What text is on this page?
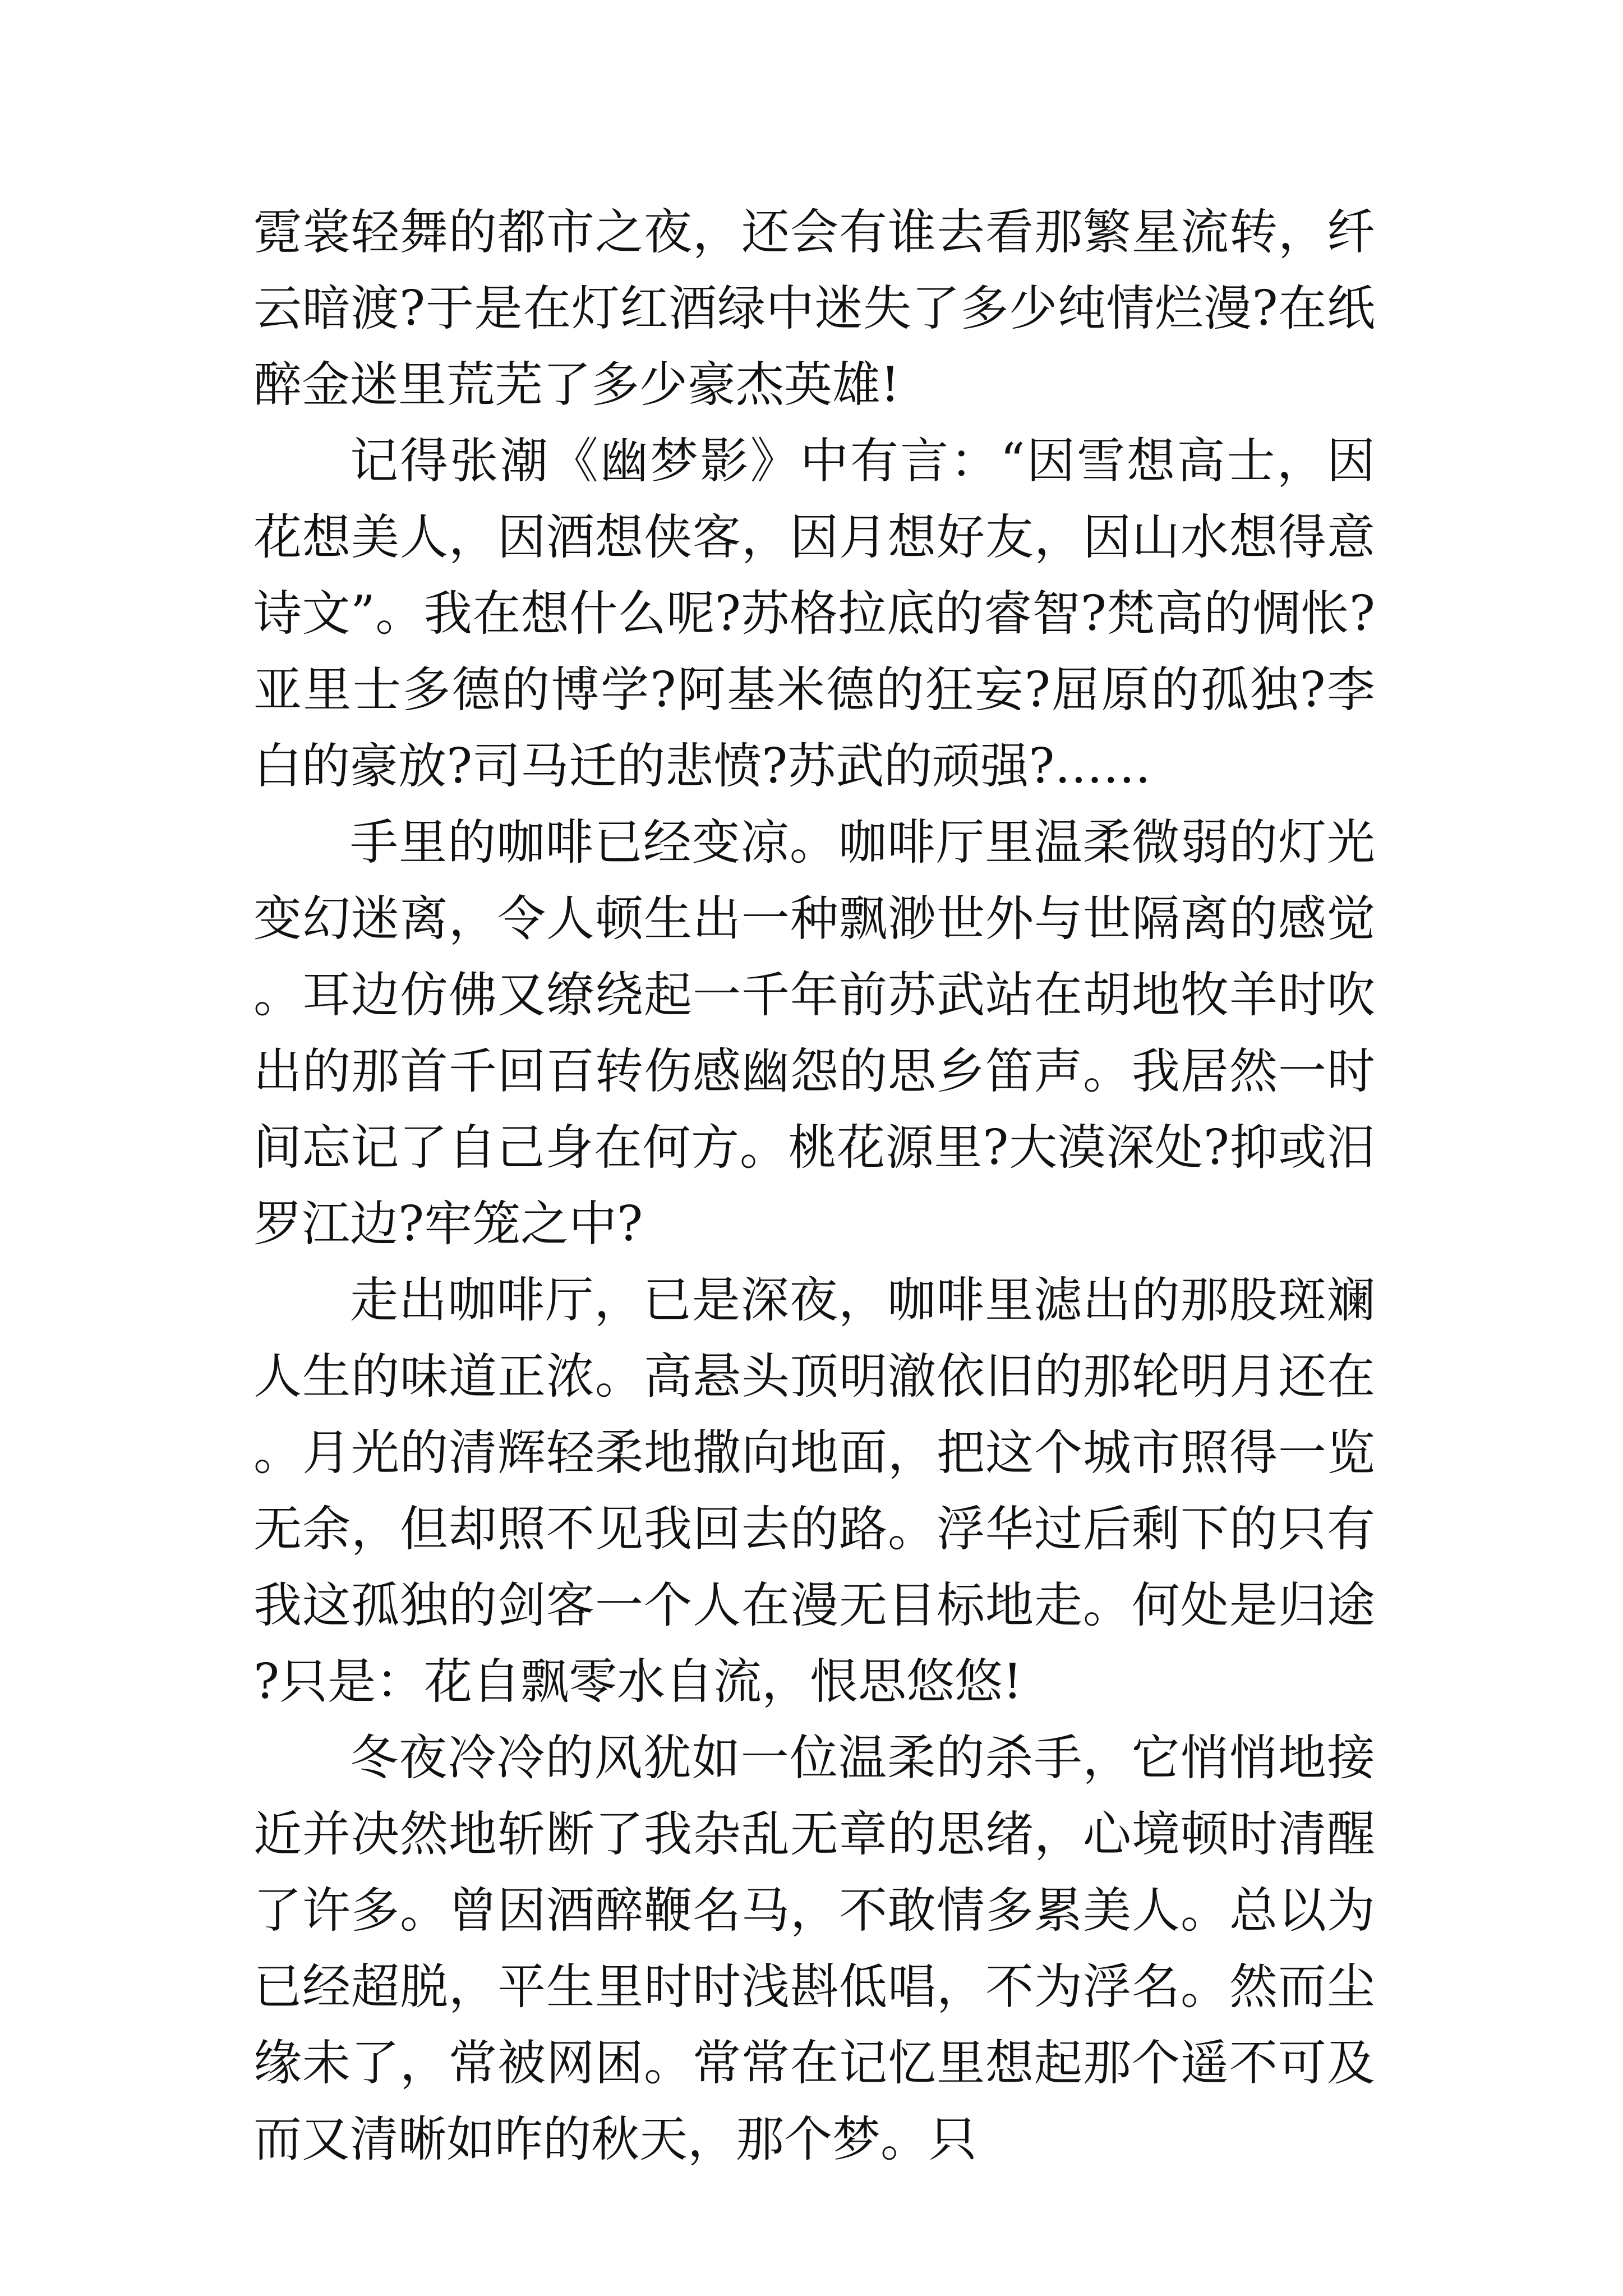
霓裳轻舞的都市之夜，还会有谁去看那繁星流转，纤云暗渡?于是在灯红酒绿中迷失了多少纯情烂漫?在纸醉金迷里荒芜了多少豪杰英雄!

记得张潮《幽梦影》中有言：“因雪想高士，因花想美人，因酒想侠客，因月想好友，因山水想得意诗文”。我在想什么呢?苏格拉底的睿智?梵高的惆怅?亚里士多德的博学?阿基米德的狂妄?屈原的孤独?李白的豪放?司马迁的悲愤?苏武的顽强?……

手里的咖啡已经变凉。咖啡厅里温柔微弱的灯光变幻迷离，令人顿生出一种飘渺世外与世隔离的感觉。耳边仿佛又缭绕起一千年前苏武站在胡地牧羊时吹出的那首千回百转伤感幽怨的思乡笛声。我居然一时间忘记了自己身在何方。桃花源里?大漠深处?抑或汨罗江边?牢笼之中?

走出咖啡厅，已是深夜，咖啡里滤出的那股斑斓人生的味道正浓。高悬头顶明澈依旧的那轮明月还在。月光的清辉轻柔地撒向地面，把这个城市照得一览无余，但却照不见我回去的路。浮华过后剩下的只有我这孤独的剑客一个人在漫无目标地走。何处是归途?只是：花自飘零水自流，恨思悠悠!

冬夜冷冷的风犹如一位温柔的杀手，它悄悄地接近并决然地斩断了我杂乱无章的思绪，心境顿时清醒了许多。曾因酒醉鞭名马，不敢情多累美人。总以为已经超脱，平生里时时浅斟低唱，不为浮名。然而尘缘未了，常被网困。常常在记忆里想起那个遥不可及而又清晰如昨的秋天，那个梦。只
